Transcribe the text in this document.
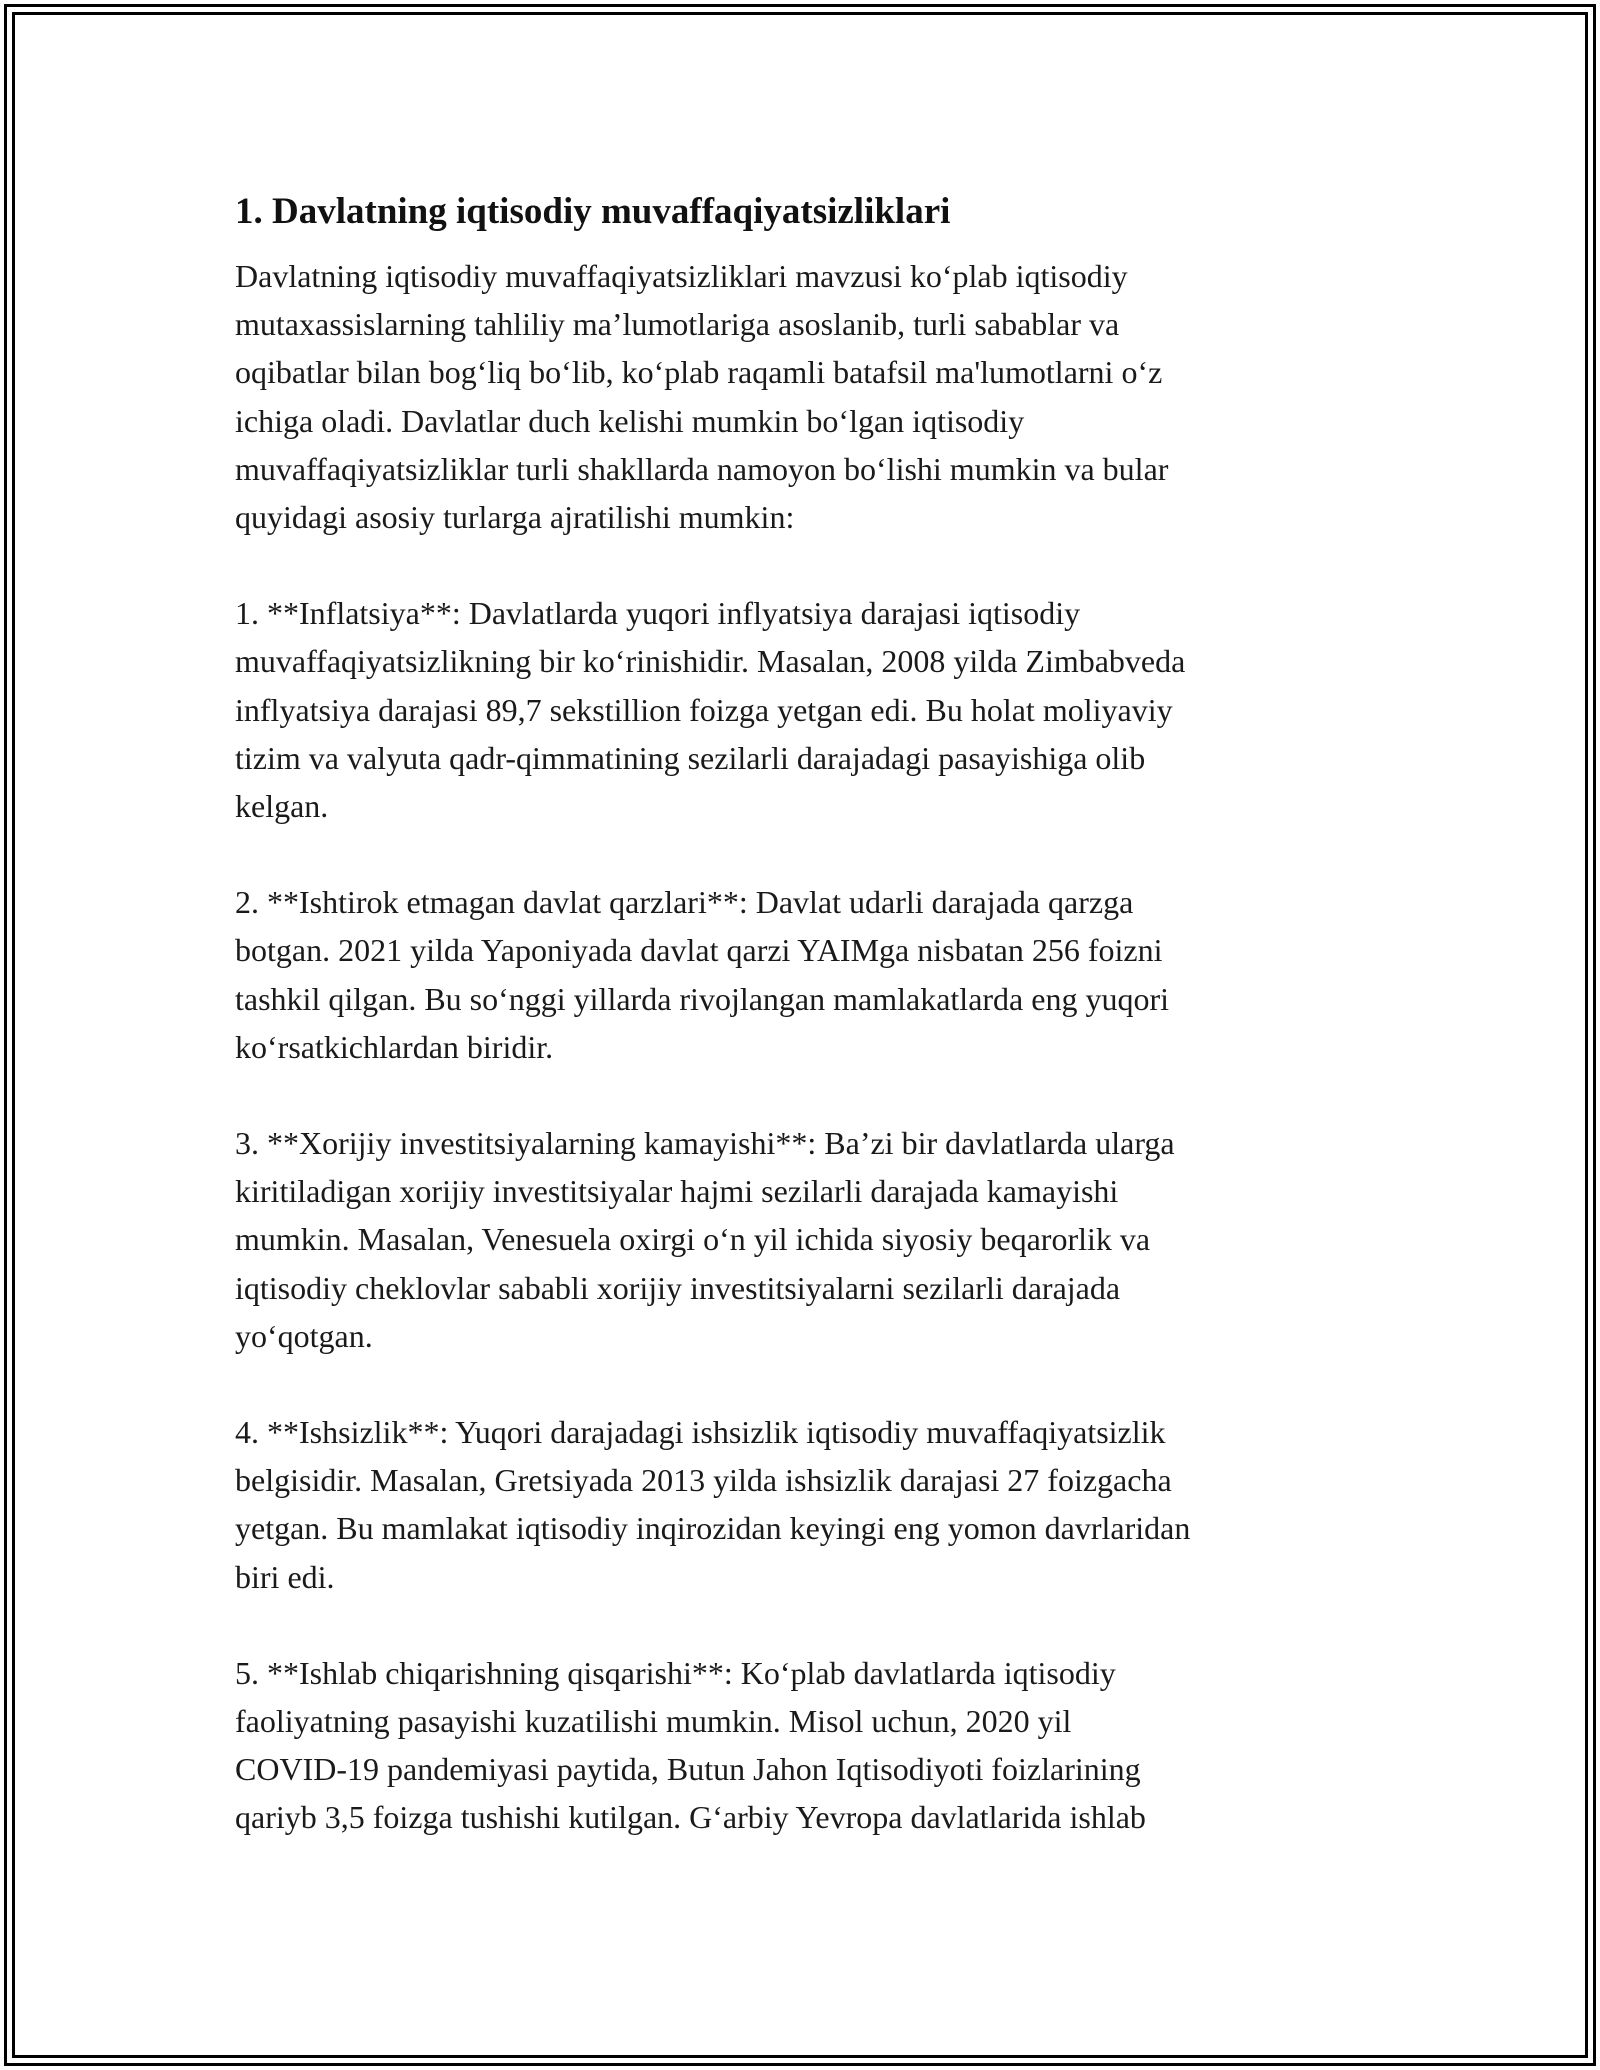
1. Davlatning iqtisodiy muvaffaqiyatsizliklari

Davlatning iqtisodiy muvaffaqiyatsizliklari mavzusi ko‘plab iqtisodiy
mutaxassislarning tahliliy ma’lumotlariga asoslanib, turli sabablar va
oqibatlar bilan bog‘liq bo‘lib, ko‘plab raqamli batafsil ma'lumotlarni o‘z
ichiga oladi. Davlatlar duch kelishi mumkin bo‘lgan iqtisodiy
muvaffaqiyatsizliklar turli shakllarda namoyon bo‘lishi mumkin va bular
quyidagi asosiy turlarga ajratilishi mumkin:

1. **Inflatsiya**: Davlatlarda yuqori inflyatsiya darajasi iqtisodiy
muvaffaqiyatsizlikning bir ko‘rinishidir. Masalan, 2008 yilda Zimbabveda
inflyatsiya darajasi 89,7 sekstillion foizga yetgan edi. Bu holat moliyaviy
tizim va valyuta qadr-qimmatining sezilarli darajadagi pasayishiga olib
kelgan.

2. **Ishtirok etmagan davlat qarzlari**: Davlat udarli darajada qarzga
botgan. 2021 yilda Yaponiyada davlat qarzi YAIMga nisbatan 256 foizni
tashkil qilgan. Bu so‘nggi yillarda rivojlangan mamlakatlarda eng yuqori
ko‘rsatkichlardan biridir.

3. **Xorijiy investitsiyalarning kamayishi**: Ba’zi bir davlatlarda ularga
kiritiladigan xorijiy investitsiyalar hajmi sezilarli darajada kamayishi
mumkin. Masalan, Venesuela oxirgi o‘n yil ichida siyosiy beqarorlik va
iqtisodiy cheklovlar sababli xorijiy investitsiyalarni sezilarli darajada
yo‘qotgan.

4. **Ishsizlik**: Yuqori darajadagi ishsizlik iqtisodiy muvaffaqiyatsizlik
belgisidir. Masalan, Gretsiyada 2013 yilda ishsizlik darajasi 27 foizgacha
yetgan. Bu mamlakat iqtisodiy inqirozidan keyingi eng yomon davrlaridan
biri edi.

5. **Ishlab chiqarishning qisqarishi**: Ko‘plab davlatlarda iqtisodiy
faoliyatning pasayishi kuzatilishi mumkin. Misol uchun, 2020 yil
COVID-19 pandemiyasi paytida, Butun Jahon Iqtisodiyoti foizlarining
qariyb 3,5 foizga tushishi kutilgan. G‘arbiy Yevropa davlatlarida ishlab
